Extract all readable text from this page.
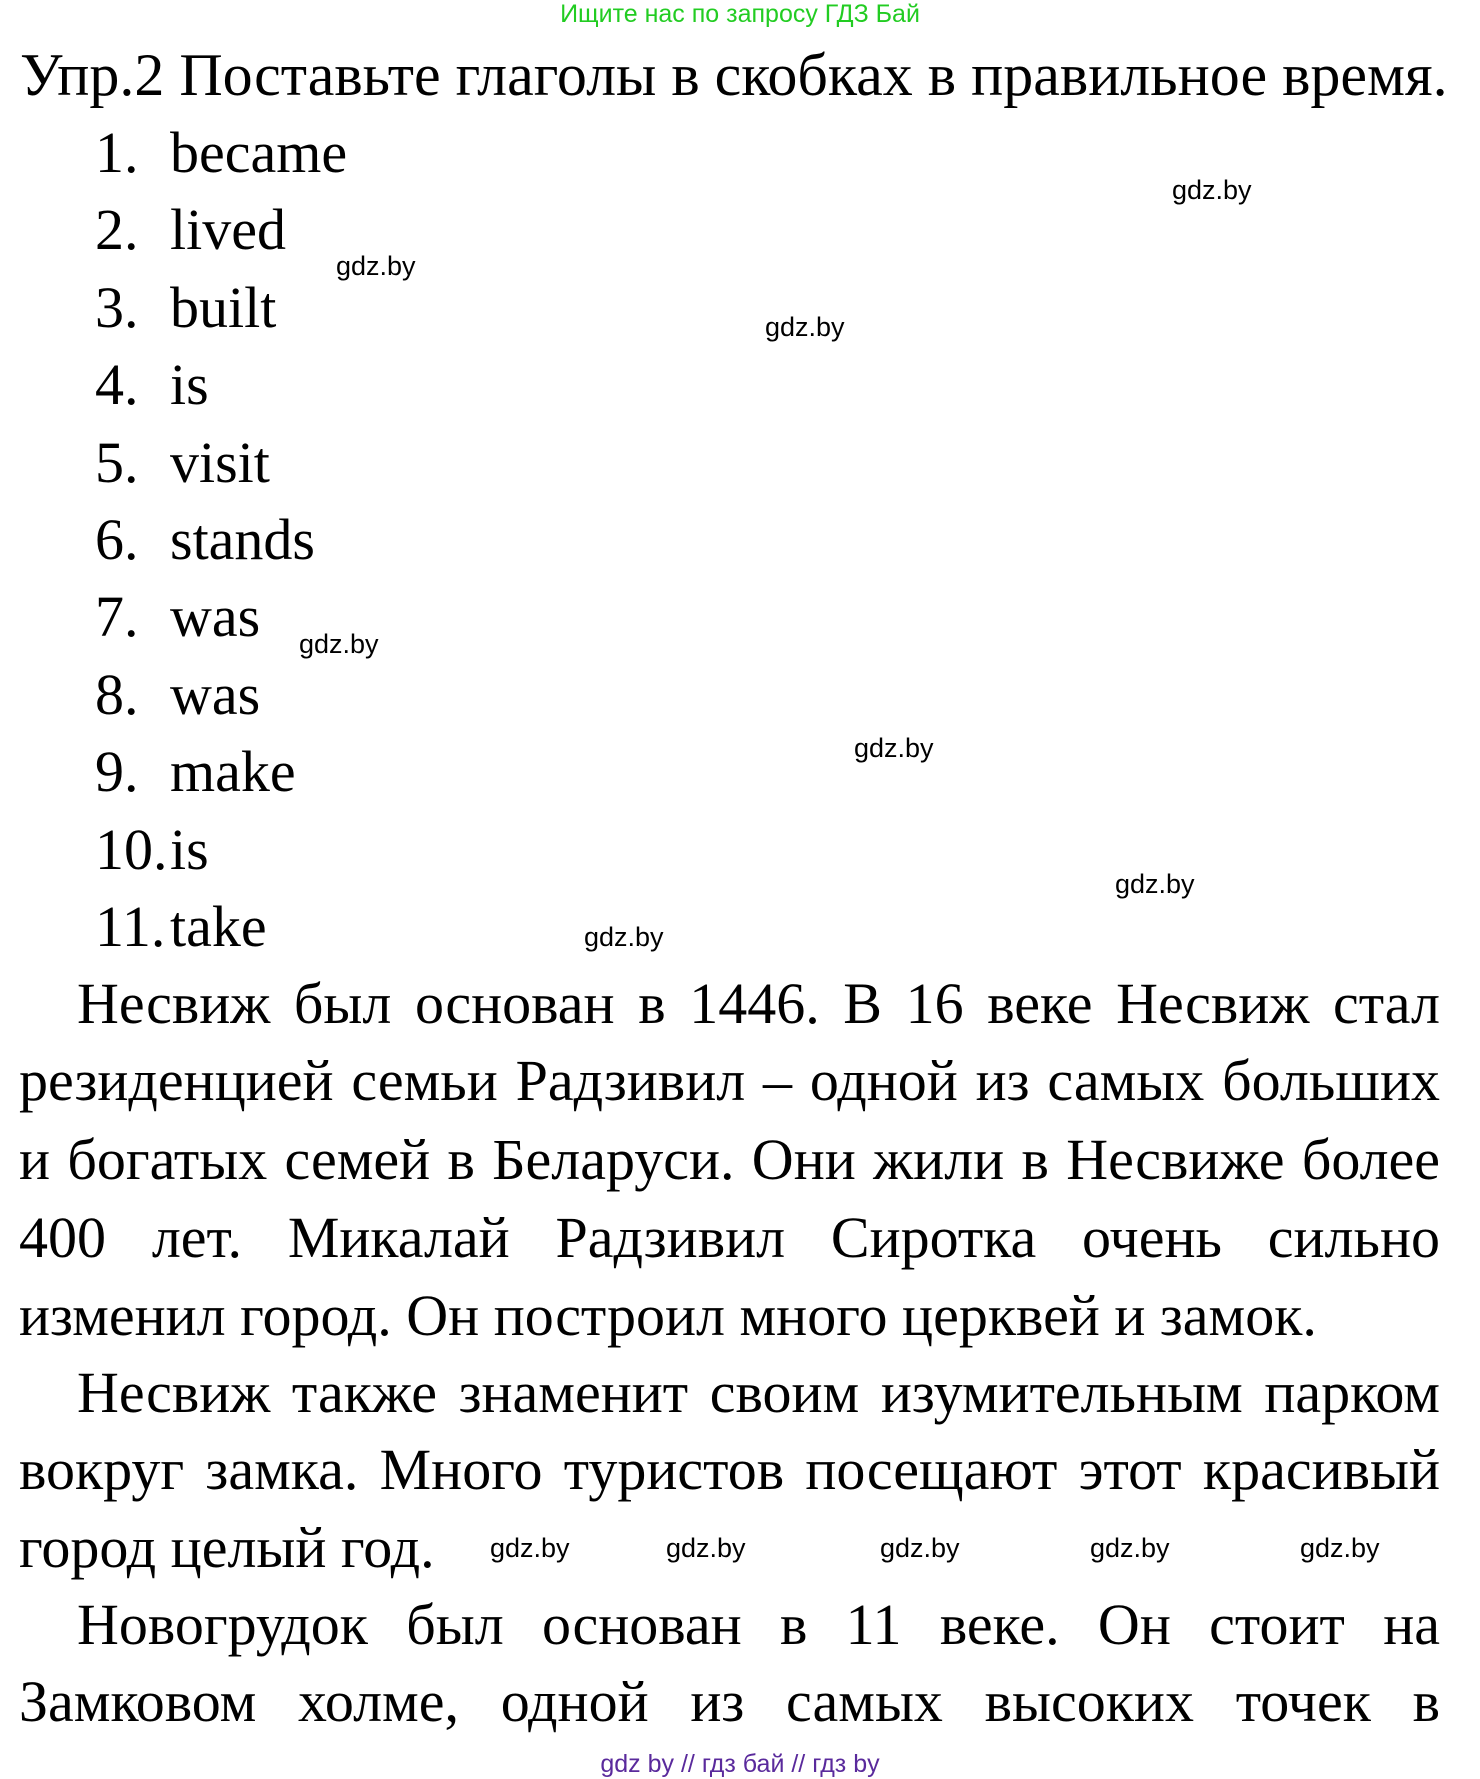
Ищите нас по запросу ГДЗ Бай
Упр.2 Поставьте глаголы в скобках в правильное время.
1. became
2. lived
3. built
4. is
5. visit
6. stands
7. was
8. was
9. make
10.is
11.take
Несвиж был основан в 1446. В 16 веке Несвиж стал
резиденцией семьи Радзивил – одной из самых больших
и богатых семей в Беларуси. Они жили в Несвиже более
400 лет. Микалай Радзивил Сиротка очень сильно
изменил город. Он построил много церквей и замок.
Несвиж также знаменит своим изумительным парком
вокруг замка. Много туристов посещают этот красивый
город целый год.
Новогрудок был основан в 11 веке. Он стоит на
Замковом холме, одной из самых высоких точек в
gdz.by
gdz.by
gdz.by
gdz.by
gdz.by
gdz.by
gdz.by
gdz.by	gdz.by
gdz.by	gdz.by	gdz.by
gdz by // гдз бай // гдз by
